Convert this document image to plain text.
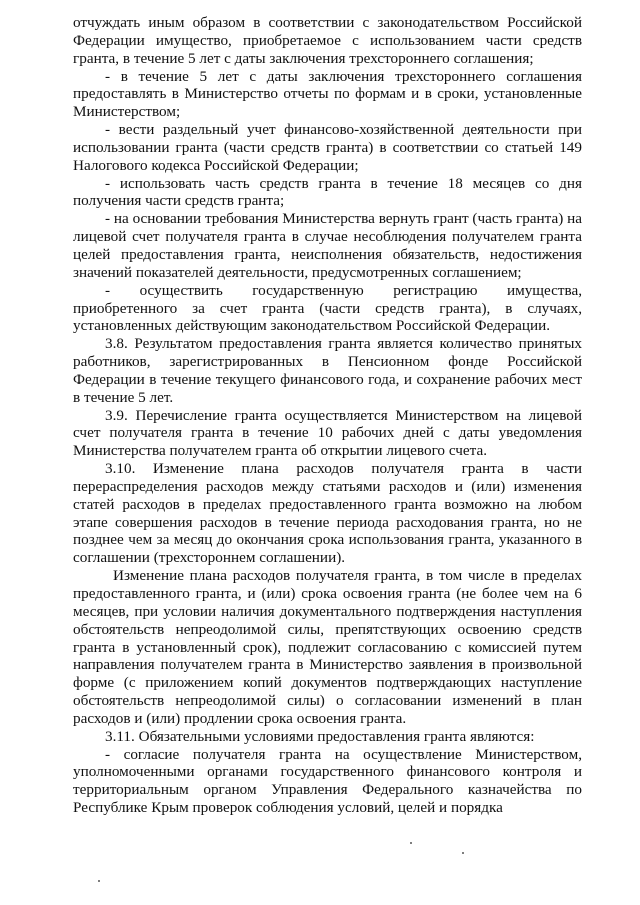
отчуждать иным образом в соответствии с законодательством Российской Федерации имущество, приобретаемое с использованием части средств гранта, в течение 5 лет с даты заключения трехстороннего соглашения;

- в течение 5 лет с даты заключения трехстороннего соглашения предоставлять в Министерство отчеты по формам и в сроки, установленные Министерством;

- вести раздельный учет финансово-хозяйственной деятельности при использовании гранта (части средств гранта) в соответствии со статьей 149 Налогового кодекса Российской Федерации;

- использовать часть средств гранта в течение 18 месяцев со дня получения части средств гранта;

- на основании требования Министерства вернуть грант (часть гранта) на лицевой счет получателя гранта в случае несоблюдения получателем гранта целей предоставления гранта, неисполнения обязательств, недостижения значений показателей деятельности, предусмотренных соглашением;

- осуществить государственную регистрацию имущества, приобретенного за счет гранта (части средств гранта), в случаях, установленных действующим законодательством Российской Федерации.

3.8. Результатом предоставления гранта является количество принятых работников, зарегистрированных в Пенсионном фонде Российской Федерации в течение текущего финансового года, и сохранение рабочих мест в течение 5 лет.

3.9. Перечисление гранта осуществляется Министерством на лицевой счет получателя гранта в течение 10 рабочих дней с даты уведомления Министерства получателем гранта об открытии лицевого счета.

3.10. Изменение плана расходов получателя гранта в части перераспределения расходов между статьями расходов и (или) изменения статей расходов в пределах предоставленного гранта возможно на любом этапе совершения расходов в течение периода расходования гранта, но не позднее чем за месяц до окончания срока использования гранта, указанного в соглашении (трехстороннем соглашении).

Изменение плана расходов получателя гранта, в том числе в пределах предоставленного гранта, и (или) срока освоения гранта (не более чем на 6 месяцев, при условии наличия документального подтверждения наступления обстоятельств непреодолимой силы, препятствующих освоению средств гранта в установленный срок), подлежит согласованию с комиссией путем направления получателем гранта в Министерство заявления в произвольной форме (с приложением копий документов подтверждающих наступление обстоятельств непреодолимой силы) о согласовании изменений в план расходов и (или) продлении срока освоения гранта.

3.11. Обязательными условиями предоставления гранта являются:

- согласие получателя гранта на осуществление Министерством, уполномоченными органами государственного финансового контроля и территориальным органом Управления Федерального казначейства по Республике Крым проверок соблюдения условий, целей и порядка
